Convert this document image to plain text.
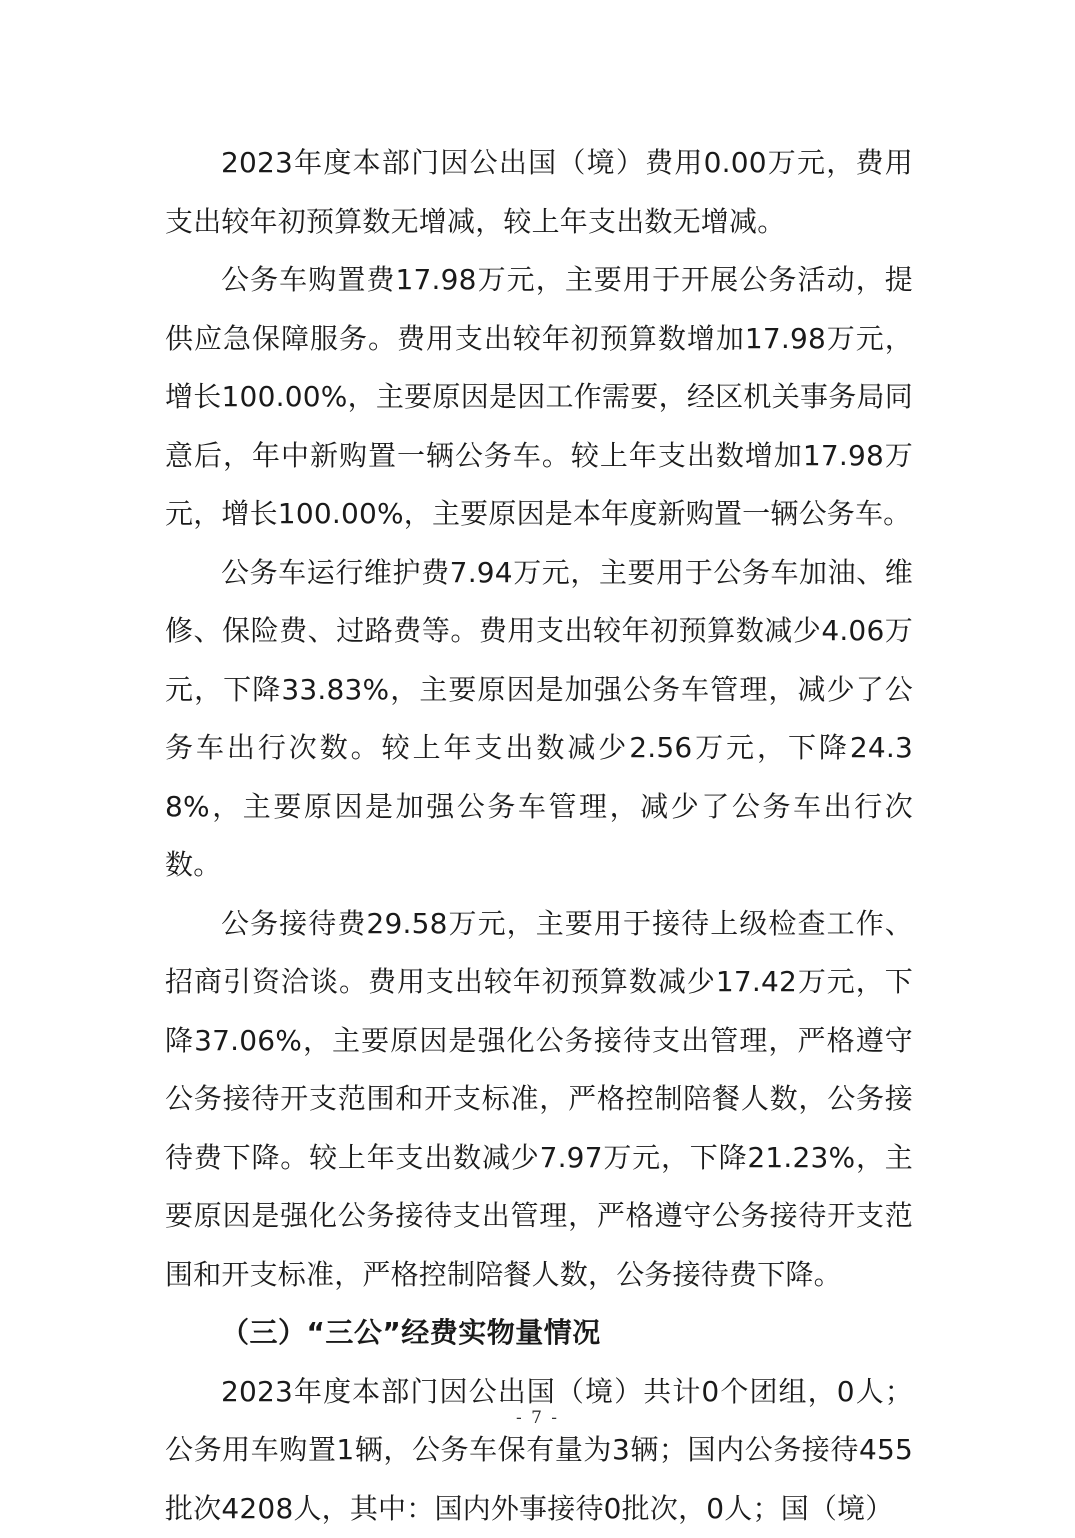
2023年度本部门因公出国（境）费用0.00万元，费用支出较年初预算数无增减，较上年支出数无增减。

公务车购置费17.98万元，主要用于开展公务活动，提供应急保障服务。费用支出较年初预算数增加17.98万元，增长100.00%，主要原因是因工作需要，经区机关事务局同意后，年中新购置一辆公务车。较上年支出数增加17.98万元，增长100.00%，主要原因是本年度新购置一辆公务车。

公务车运行维护费7.94万元，主要用于公务车加油、维修、保险费、过路费等。费用支出较年初预算数减少4.06万元，下降33.83%，主要原因是加强公务车管理，减少了公务车出行次数。较上年支出数减少2.56万元，下降24.38%，主要原因是加强公务车管理，减少了公务车出行次数。

公务接待费29.58万元，主要用于接待上级检查工作、招商引资洽谈。费用支出较年初预算数减少17.42万元，下降37.06%，主要原因是强化公务接待支出管理，严格遵守公务接待开支范围和开支标准，严格控制陪餐人数，公务接待费下降。较上年支出数减少7.97万元，下降21.23%，主要原因是强化公务接待支出管理，严格遵守公务接待开支范围和开支标准，严格控制陪餐人数，公务接待费下降。

（三）“三公”经费实物量情况

2023年度本部门因公出国（境）共计0个团组，0人；公务用车购置1辆，公务车保有量为3辆；国内公务接待455批次4208人，其中：国内外事接待0批次，0人；国（境）

- 7 -
